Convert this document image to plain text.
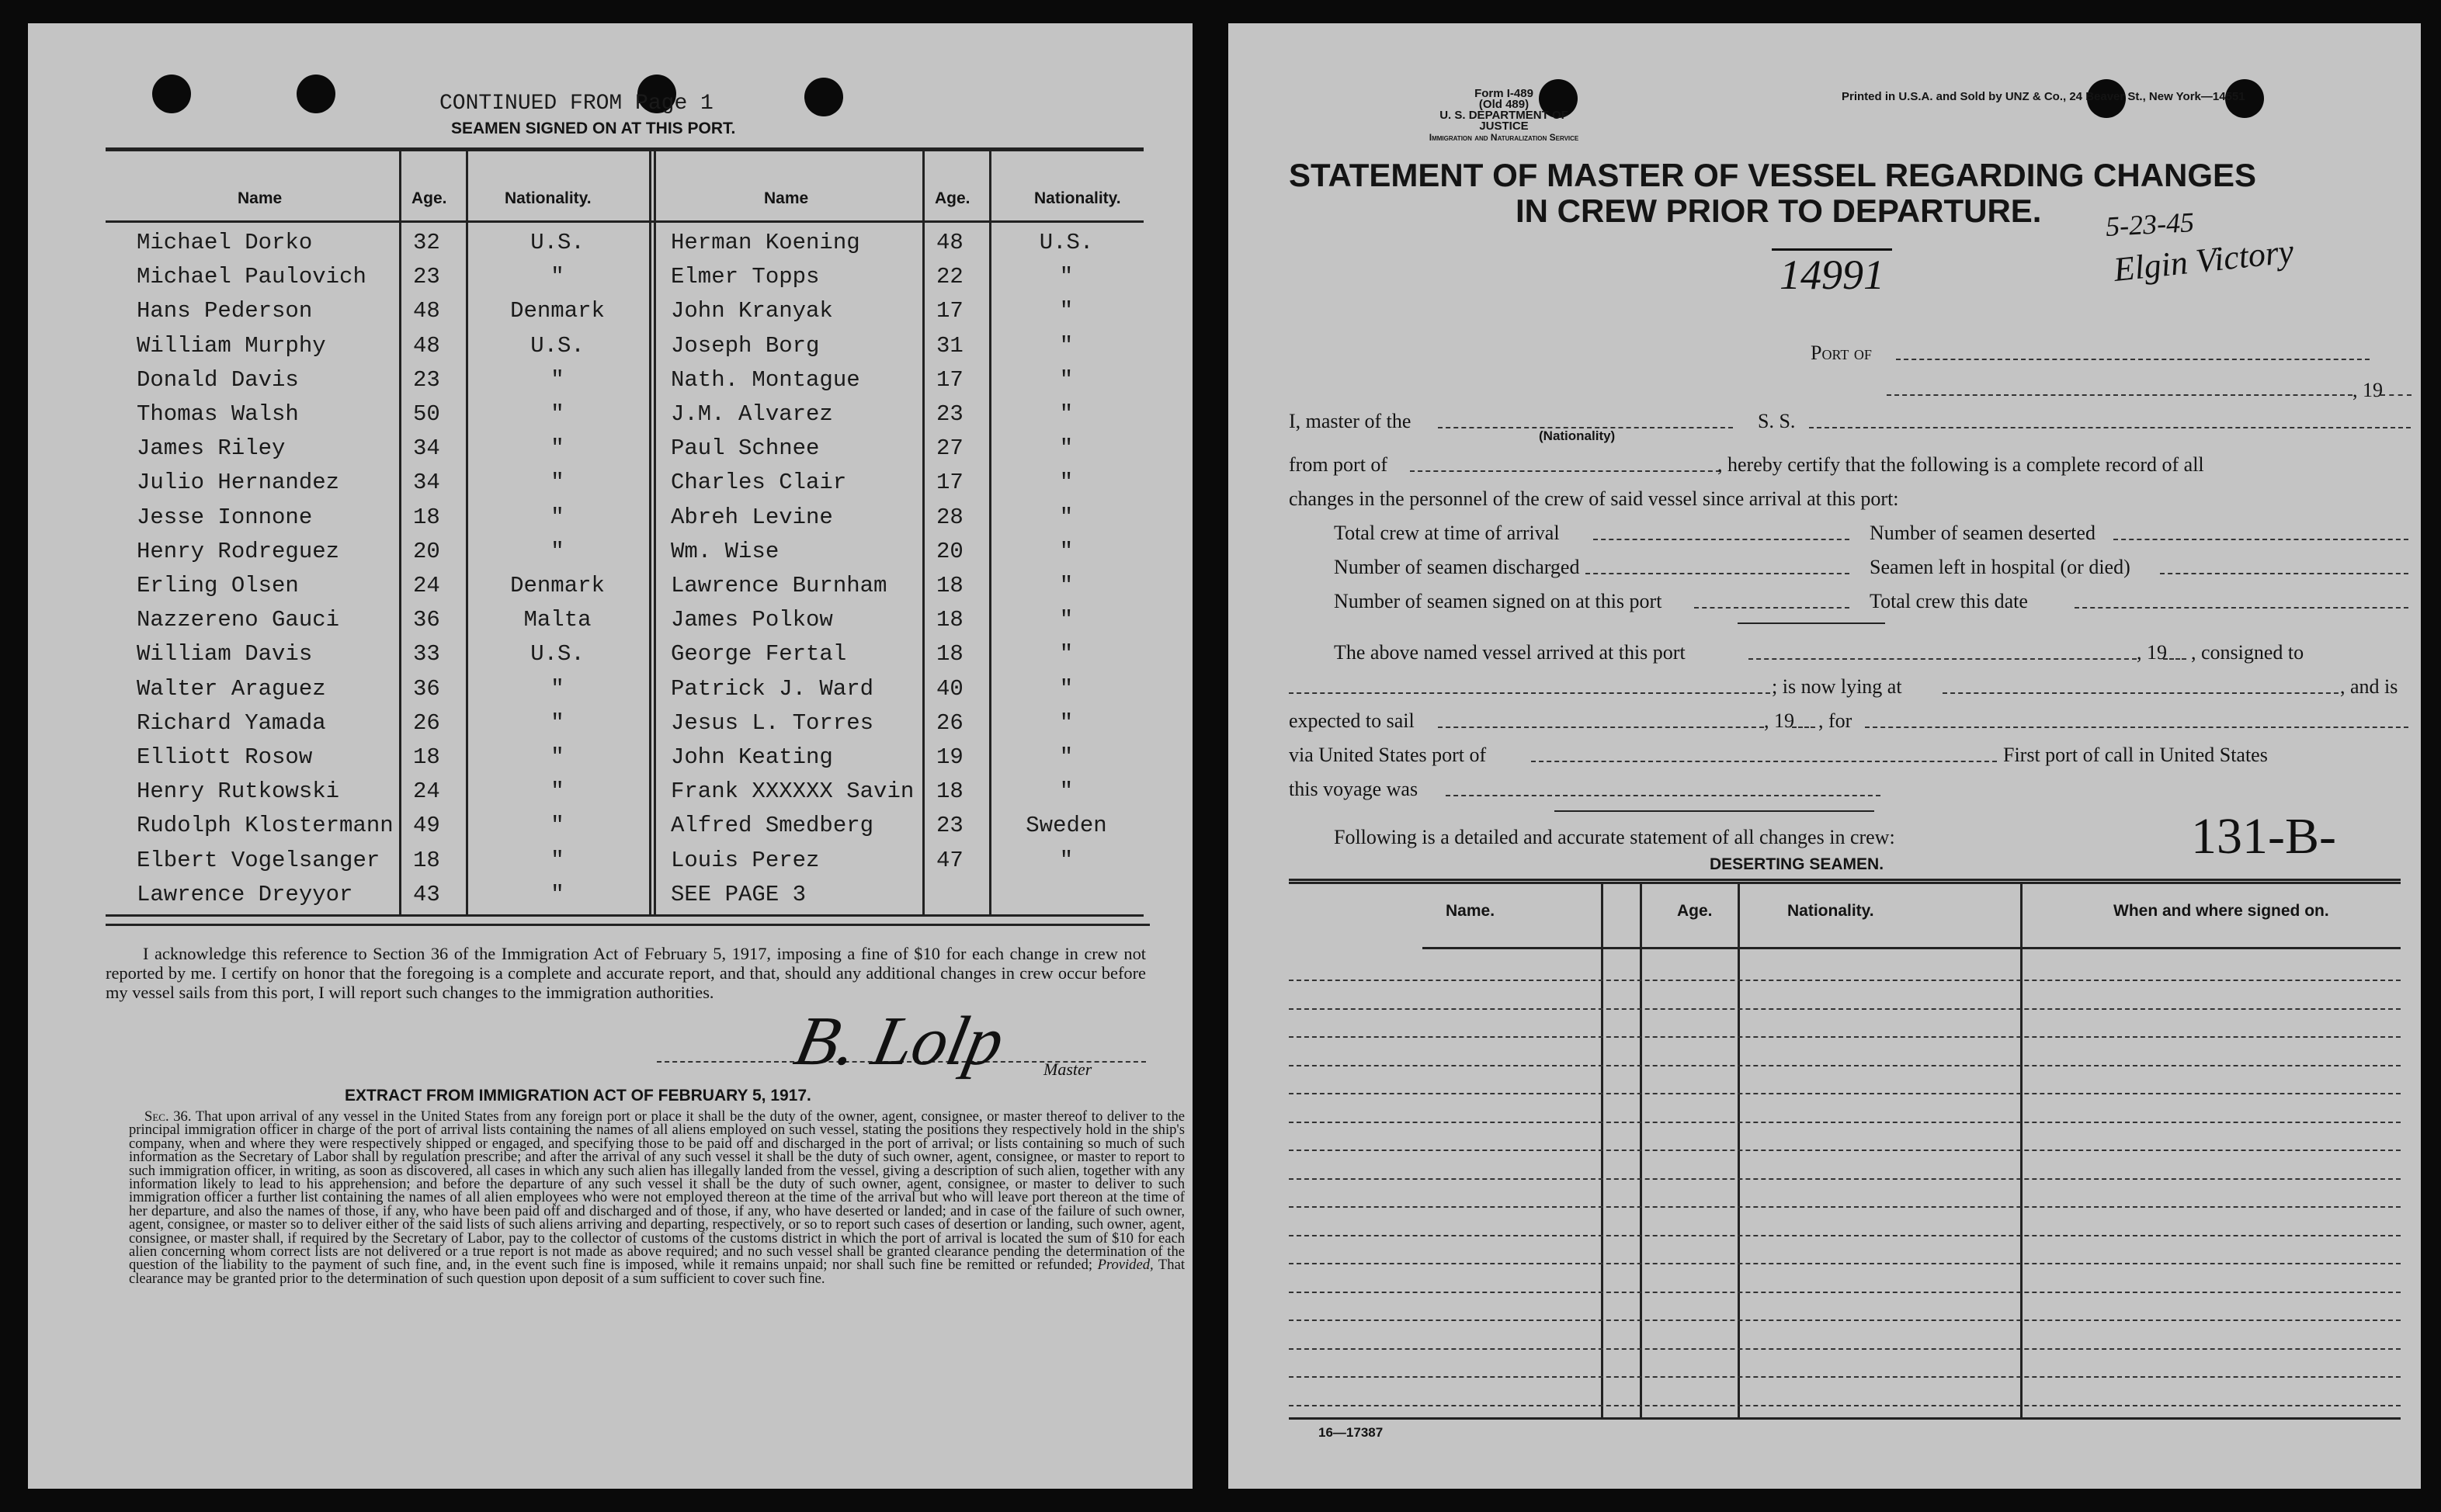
CONTINUED FROM Page 1
SEAMEN SIGNED ON AT THIS PORT.
Name	Age.	Nationality.	Name	Age.	Nationality.
Michael Dorko	32	U.S.	Herman Koening	48	U.S.
Michael Paulovich 23	"	Elmer Topps	22	"
Hans Pederson	48	Denmark	John Kranyak	17	"
William Murphy	48	U.S.	Joseph Borg	31	"
Donald Davis	23	"	Nath. Montague	17	"
Thomas Walsh	50	"	J.M. Alvarez	23	"
James Riley	34	"	Paul Schnee	27	"
Julio Hernandez	34	"	Charles Clair	17	"
Jesse Ionnone	18	"	Abreh Levine	28	"
Henry Rodreguez	20	"	Wm. Wise	20	"
Erling Olsen	24	Denmark	Lawrence Burnham 18	"
Nazzereno Gauci	36	Malta	James Polkow	18	"
William Davis	33	U.S.	George Fertal	18	"
Walter Araguez	36	"	Patrick J. Ward	40	"
Richard Yamada	26	"	Jesus L. Torres	26	"
Elliott Rosow	18	"	John Keating	19	"
Henry Rutkowski	24	"	Frank XXXXXX Savin 18	"
Rudolph Klostermann 49	"	Alfred Smedberg	23	Sweden
Elbert Vogelsanger 18	"	Louis Perez	47	"
Lawrence Dreyyor	43	"	SEE PAGE 3
I acknowledge this reference to Section 36 of the Immigration Act of February 5, 1917, imposing a fine of $10 for each change in crew not reported by me. I certify on honor that the foregoing is a complete and accurate report, and that, should any additional changes in crew occur before my vessel sails from this port, I will report such changes to the immigration authorities.
B. Lolp Master
EXTRACT FROM IMMIGRATION ACT OF FEBRUARY 5, 1917.
Sec. 36. That upon arrival of any vessel in the United States from any foreign port or place it shall be the duty of the owner, agent, consignee, or master thereof to deliver to the principal immigration officer in charge of the port of arrival lists containing the names of all aliens employed on such vessel, stating the positions they respectively hold in the ship's company, when and where they were respectively shipped or engaged, and specifying those to be paid off and discharged in the port of arrival; or lists containing so much of such information as the Secretary of Labor shall by regulation prescribe; and after the arrival of any such vessel it shall be the duty of such owner, agent, consignee, or master to report to such immigration officer, in writing, as soon as discovered, all cases in which any such alien has illegally landed from the vessel, giving a description of such alien, together with any information likely to lead to his apprehension; and before the departure of any such vessel it shall be the duty of such owner, agent, consignee, or master to deliver to such immigration officer a further list containing the names of all alien employees who were not employed thereon at the time of the arrival but who will leave port thereon at the time of her departure, and also the names of those, if any, who have been paid off and discharged and of those, if any, who have deserted or landed; and in case of the failure of such owner, agent, consignee, or master so to deliver either of the said lists of such aliens arriving and departing, respectively, or so to report such cases of desertion or landing, such owner, agent, consignee, or master shall, if required by the Secretary of Labor, pay to the collector of customs of the customs district in which the port of arrival is located the sum of $10 for each alien concerning whom correct lists are not delivered or a true report is not made as above required; and no such vessel shall be granted clearance pending the determination of the question of the liability to the payment of such fine, and, in the event such fine is imposed, while it remains unpaid; nor shall such fine be remitted or refunded; Provided, That clearance may be granted prior to the determination of such question upon deposit of a sum sufficient to cover such fine.
Form I-489
(Old 489)
U. S. DEPARTMENT OF JUSTICE
Immigration and Naturalization Service
Printed in U.S.A. and Sold by UNZ & Co., 24 Beaver St., New York—14551
STATEMENT OF MASTER OF VESSEL REGARDING CHANGES
IN CREW PRIOR TO DEPARTURE. 5-23-45
Elgin Victory
14991
Port of
, 19
I, master of the
(Nationality)
S. S.
from port of	, hereby certify that the following is a complete record of all
changes in the personnel of the crew of said vessel since arrival at this port:
Total crew at time of arrival	Number of seamen deserted
Number of seamen discharged	Seamen left in hospital (or died)
Number of seamen signed on at this port	Total crew this date
The above named vessel arrived at this port	, 19 , consigned to
; is now lying at	, and is
expected to sail	, 19 , for
via United States port of	First port of call in United States
this voyage was
Following is a detailed and accurate statement of all changes in crew:	131-B-
DESERTING SEAMEN.
Name.	Age.	Nationality.	When and where signed on.
16—17387
